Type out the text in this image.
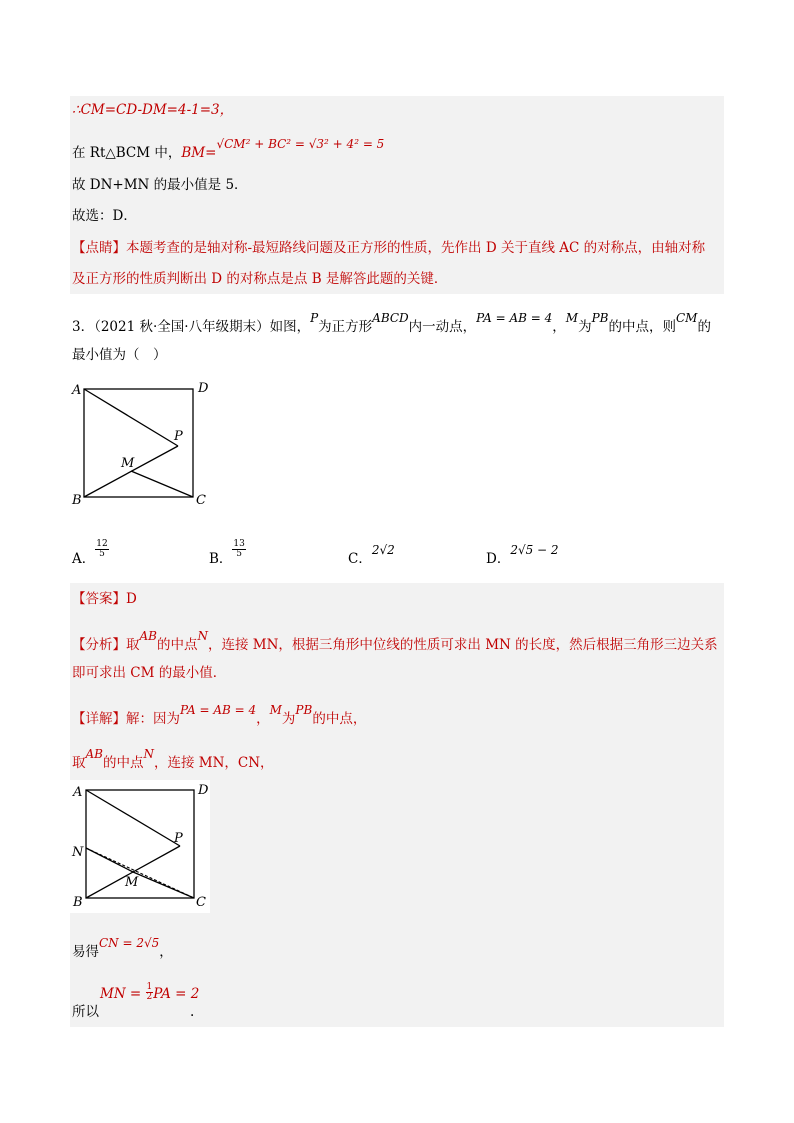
∴CM=CD-DM=4-1=3，
在 Rt△BCM 中，BM=√CM² + BC² = √3² + 4² = 5
故 DN+MN 的最小值是 5．
故选：D．
【点睛】本题考查的是轴对称-最短路线问题及正方形的性质，先作出 D 关于直线 AC 的对称点，由轴对称
及正方形的性质判断出 D 的对称点是点 B 是解答此题的关键．
3．（2021 秋·全国·八年级期末）如图，P为正方形ABCD内一动点，PA = AB = 4，M为PB的中点，则CM的
最小值为（　）
A	D
B	C
P
M
A． $\frac{12}{5}$	B． $\frac{13}{5}$	C．2√2
D．2√5 − 2
【答案】D
【分析】取AB的中点N，连接 MN，根据三角形中位线的性质可求出 MN 的长度，然后根据三角形三边关系
即可求出 CM 的最小值．
【详解】解：因为PA = AB = 4，M为PB的中点，
取AB的中点N，连接 MN，CN，
A	D
N
B	C
P
M
易得CN = 2√5，
MN = $\frac{1}{2}$ PA = 2
所以	.
